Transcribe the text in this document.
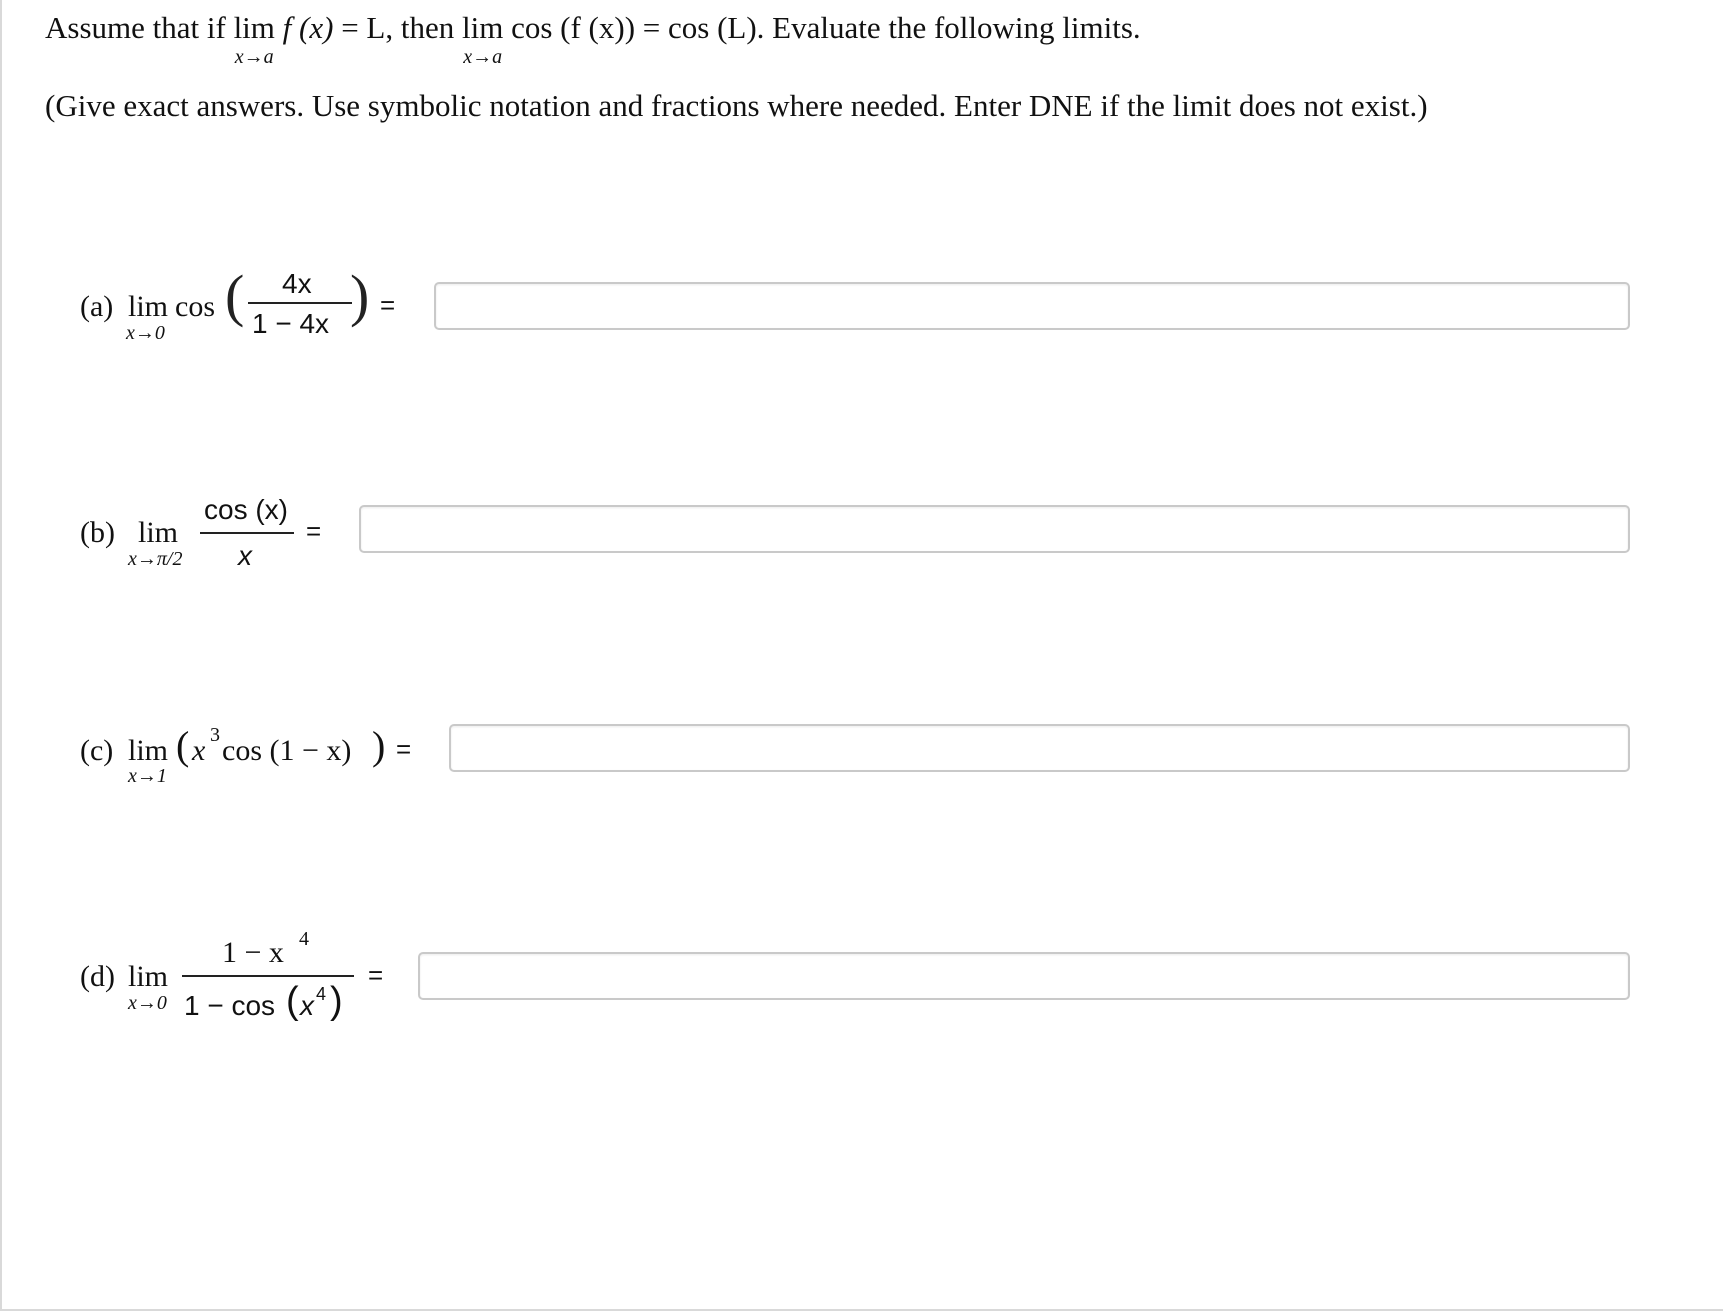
Assume that if lim
x→a
f (x) = L, then lim
x→a
cos (f (x)) = cos (L). Evaluate the following limits.
(Give exact answers. Use symbolic notation and fractions where needed. Enter DNE if the limit does not exist.)
(a) lim
x→0
cos ( 4x
1 − 4x ) =
(b) lim
x→π/2
cos (x)
x
=
(c) lim
x→1
( x 3 cos (1 − x) ) =
(d) lim
x→0
1 − x 4
1 − cos ( x 4 )
=
